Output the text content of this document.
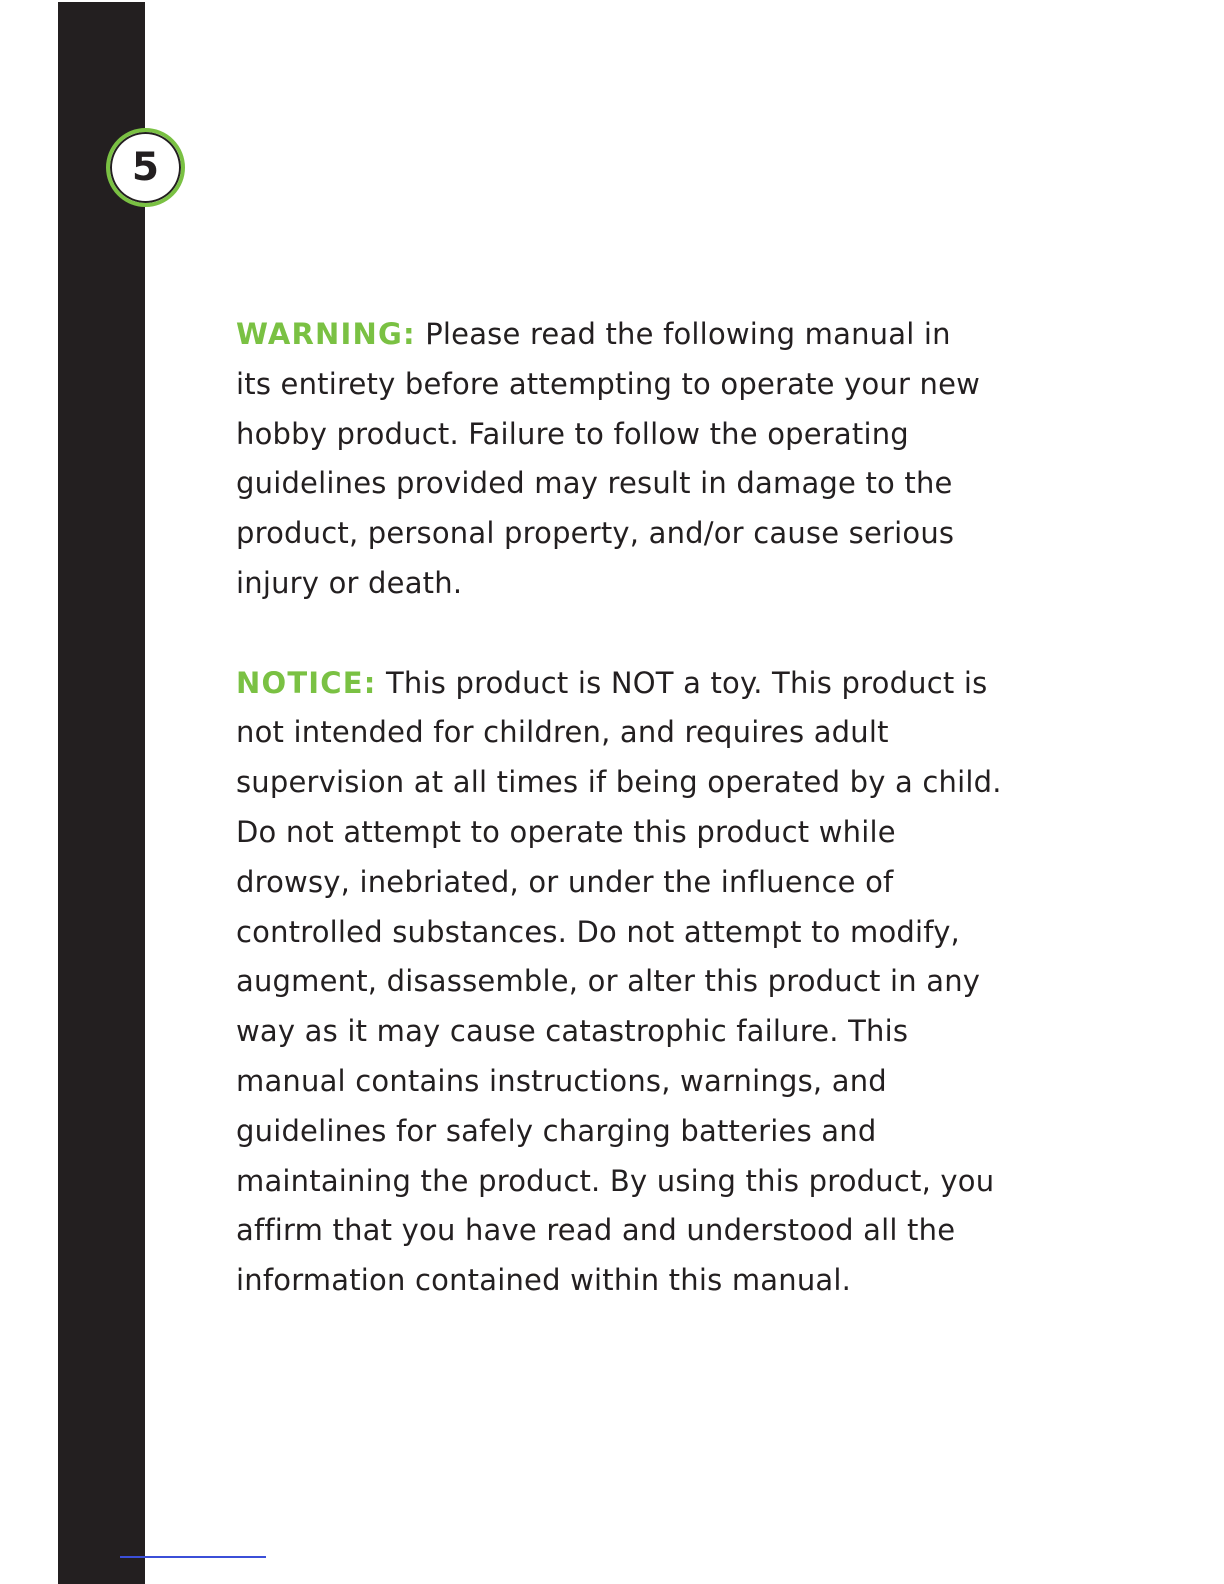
5

WARNING: Please read the following manual in
its entirety before attempting to operate your new
hobby product. Failure to follow the operating
guidelines provided may result in damage to the
product, personal property, and/or cause serious
injury or death.

NOTICE: This product is NOT a toy. This product is
not intended for children, and requires adult
supervision at all times if being operated by a child.
Do not attempt to operate this product while
drowsy, inebriated, or under the influence of
controlled substances. Do not attempt to modify,
augment, disassemble, or alter this product in any
way as it may cause catastrophic failure. This
manual contains instructions, warnings, and
guidelines for safely charging batteries and
maintaining the product. By using this product, you
affirm that you have read and understood all the
information contained within this manual.
